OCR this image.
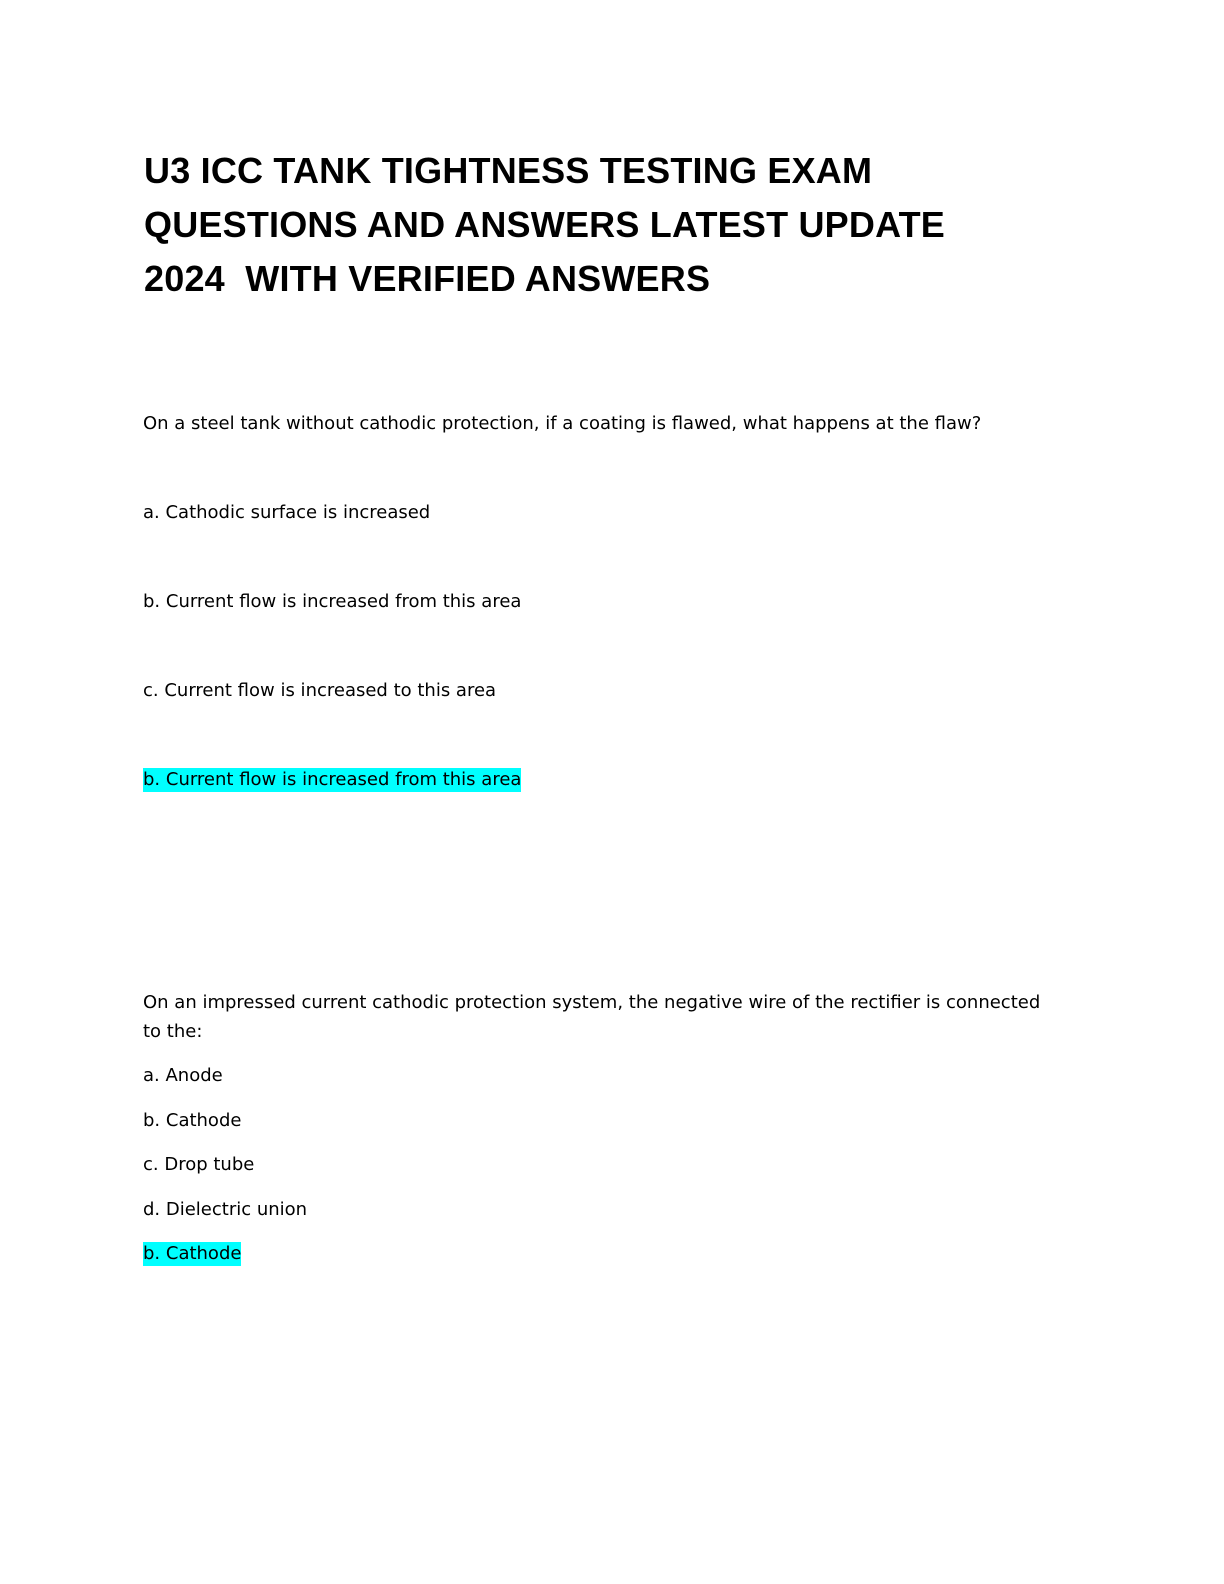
U3 ICC TANK TIGHTNESS TESTING EXAM
QUESTIONS AND ANSWERS LATEST UPDATE
2024  WITH VERIFIED ANSWERS

On a steel tank without cathodic protection, if a coating is flawed, what happens at the flaw?

a. Cathodic surface is increased

b. Current flow is increased from this area

c. Current flow is increased to this area

b. Current flow is increased from this area

On an impressed current cathodic protection system, the negative wire of the rectifier is connected to the:

a. Anode

b. Cathode

c. Drop tube

d. Dielectric union

b. Cathode
